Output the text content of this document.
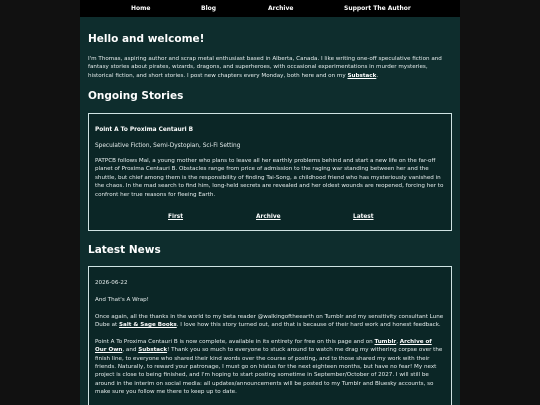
Home	Blog	Archive	Support The Author
Hello and welcome!
I'm Thomas, aspiring author and scrap metal enthusiast based in Alberta, Canada. I like writing one-off speculative fiction and fantasy stories about pirates, wizards, dragons, and superheroes, with occasional experimentations in murder mysteries, historical fiction, and short stories. I post new chapters every Monday, both here and on my Substack.
Ongoing Stories
Point A To Proxima Centauri B
Speculative Fiction, Semi-Dystopian, Sci-Fi Setting
PATPCB follows Mal, a young mother who plans to leave all her earthly problems behind and start a new life on the far-off planet of Proxima Centauri B. Obstacles range from price of admission to the raging war standing between her and the shuttle, but chief among them is the responsibility of finding Tai-Song, a childhood friend who has mysteriously vanished in the chaos. In the mad search to find him, long-held secrets are revealed and her oldest wounds are reopened, forcing her to confront her true reasons for fleeing Earth.
First	Archive	Latest
Latest News

2026-06-22

And That's A Wrap!

Once again, all the thanks in the world to my beta reader @walkingoftheearth on Tumblr and my sensitivity consultant Lune Dube at Salt & Sage Books. I love how this story turned out, and that is because of their hard work and honest feedback.

Point A To Proxima Centauri B is now complete, available in its entirety for free on this page and on Tumblr, Archive of Our Own, and Substack! Thank you so much to everyone to stuck around to watch me drag my withering corpse over the finish line, to everyone who shared their kind words over the course of posting, and to those shared my work with their friends. Naturally, to reward your patronage, I must go on hiatus for the next eighteen months, but have no fear! My next project is close to being finished, and I'm hoping to start posting sometime in September/October of 2027. I will still be around in the interim on social media: all updates/announcements will be posted to my Tumblr and Bluesky accounts, so make sure you follow me there to keep up to date.
